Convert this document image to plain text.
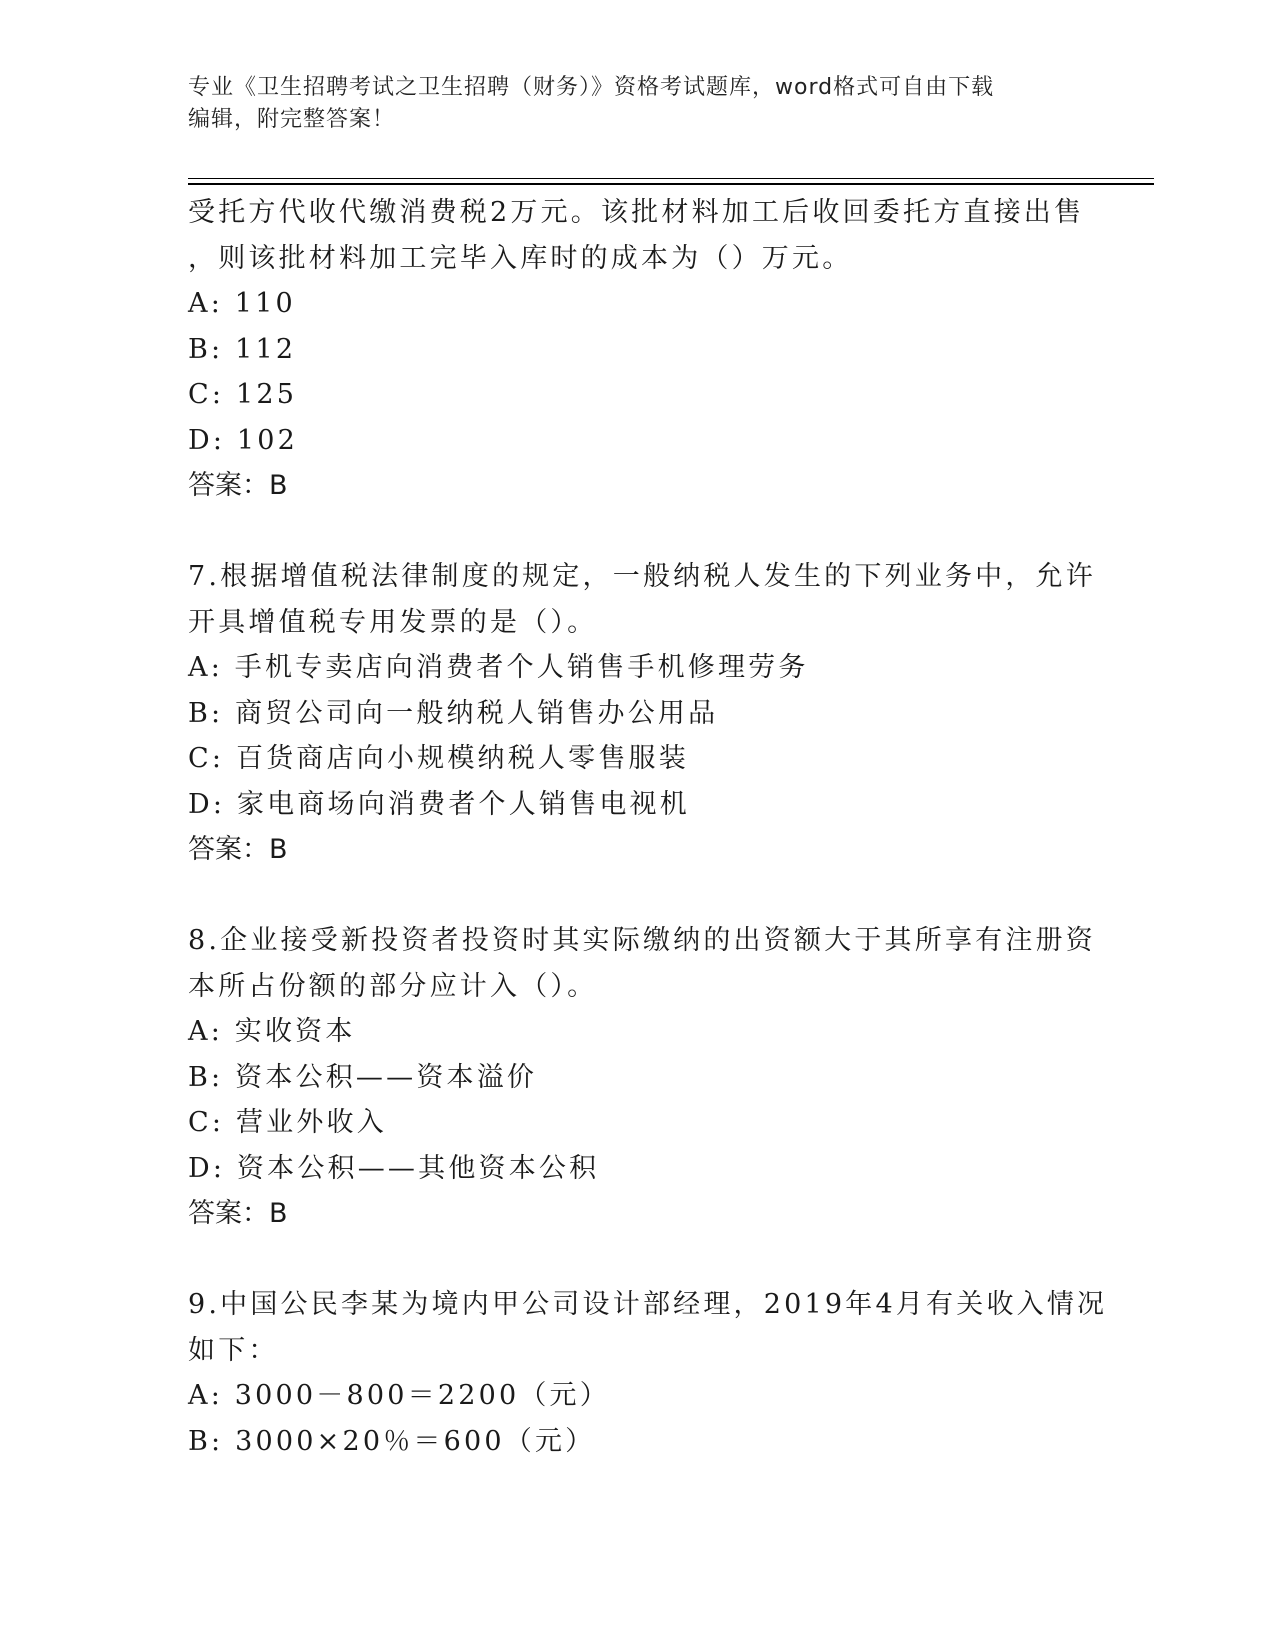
专业《卫生招聘考试之卫生招聘（财务）》资格考试题库，word格式可自由下载
编辑，附完整答案！
受托方代收代缴消费税2万元。该批材料加工后收回委托方直接出售
，则该批材料加工完毕入库时的成本为（）万元。
A: 110
B: 112
C: 125
D: 102
答案：B
7.根据增值税法律制度的规定，一般纳税人发生的下列业务中，允许
开具增值税专用发票的是（）。
A: 手机专卖店向消费者个人销售手机修理劳务
B: 商贸公司向一般纳税人销售办公用品
C: 百货商店向小规模纳税人零售服装
D: 家电商场向消费者个人销售电视机
答案：B
8.企业接受新投资者投资时其实际缴纳的出资额大于其所享有注册资
本所占份额的部分应计入（）。
A: 实收资本
B: 资本公积——资本溢价
C: 营业外收入
D: 资本公积——其他资本公积
答案：B
9.中国公民李某为境内甲公司设计部经理，2019年4月有关收入情况
如下：
A: 3000－800＝2200（元）
B: 3000×20％＝600（元）
